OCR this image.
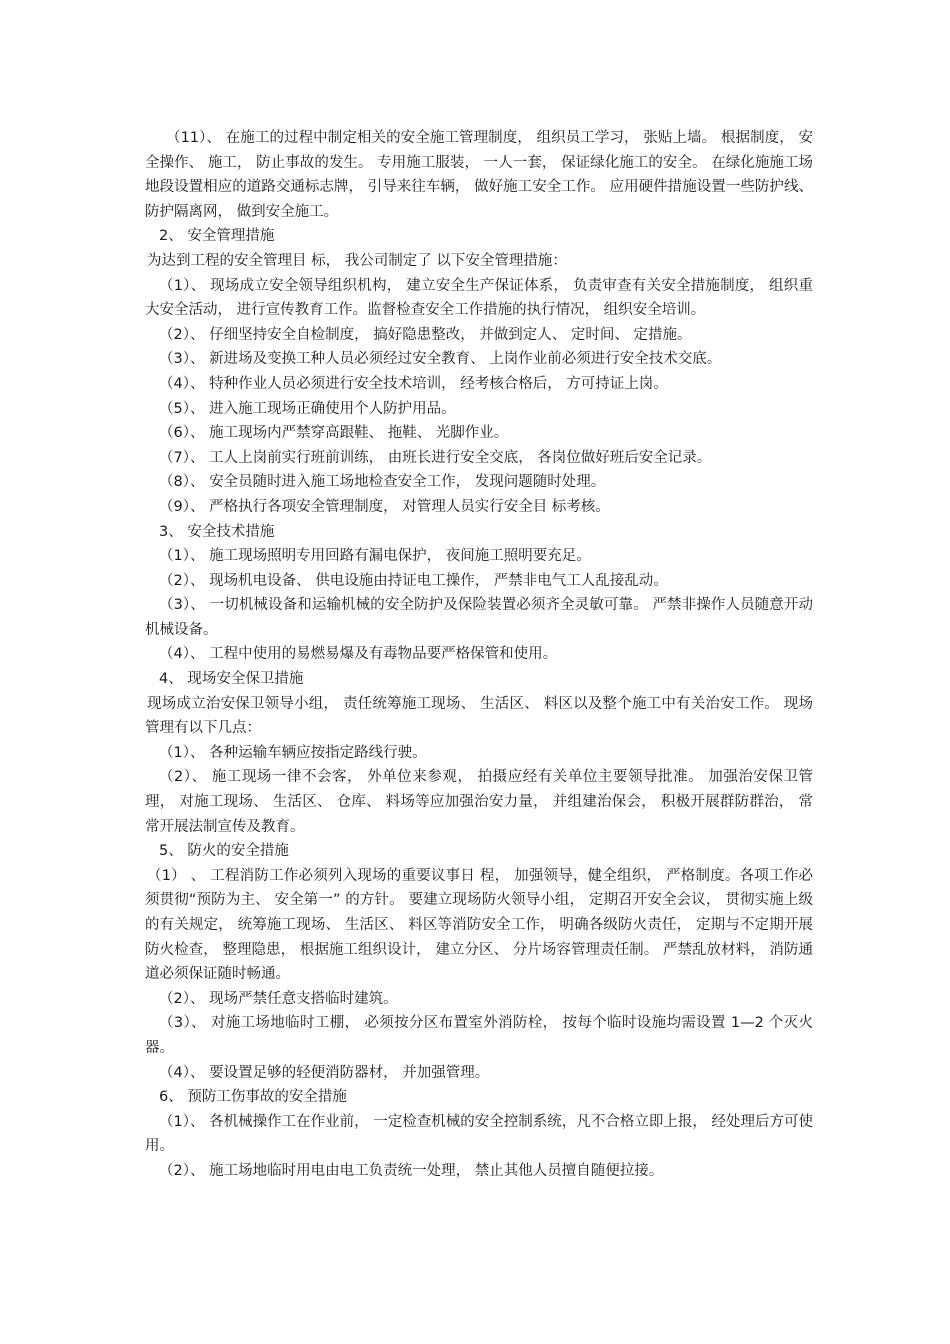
（11）、 在施工的过程中制定相关的安全施工管理制度， 组织员工学习， 张贴上墙。 根据制度， 安全操作、 施工， 防止事故的发生。 专用施工服装， 一人一套， 保证绿化施工的安全。 在绿化施施工场地段设置相应的道路交通标志牌， 引导来往车辆， 做好施工安全工作。 应用硬件措施设置一些防护线、 防护隔离网， 做到安全施工。

2、 安全管理措施

为达到工程的安全管理目 标， 我公司制定了 以下安全管理措施：

（1）、 现场成立安全领导组织机构， 建立安全生产保证体系， 负责审查有关安全措施制度， 组织重大安全活动， 进行宣传教育工作。监督检查安全工作措施的执行情况， 组织安全培训。

（2）、 仔细坚持安全自检制度， 搞好隐患整改， 并做到定人、 定时间、 定措施。

（3）、 新进场及变换工种人员必须经过安全教育、 上岗作业前必须进行安全技术交底。

（4）、 特种作业人员必须进行安全技术培训， 经考核合格后， 方可持证上岗。

（5）、 进入施工现场正确使用个人防护用品。

（6）、 施工现场内严禁穿高跟鞋、 拖鞋、 光脚作业。

（7）、 工人上岗前实行班前训练， 由班长进行安全交底， 各岗位做好班后安全记录。

（8）、 安全员随时进入施工场地检查安全工作， 发现问题随时处理。

（9）、 严格执行各项安全管理制度， 对管理人员实行安全目 标考核。

3、 安全技术措施

（1）、 施工现场照明专用回路有漏电保护， 夜间施工照明要充足。

（2）、 现场机电设备、 供电设施由持证电工操作， 严禁非电气工人乱接乱动。

（3）、 一切机械设备和运输机械的安全防护及保险装置必须齐全灵敏可靠。 严禁非操作人员随意开动机械设备。

（4）、 工程中使用的易燃易爆及有毒物品要严格保管和使用。

4、 现场安全保卫措施

现场成立治安保卫领导小组， 责任统筹施工现场、 生活区、 料区以及整个施工中有关治安工作。 现场管理有以下几点：

（1）、 各种运输车辆应按指定路线行驶。

（2）、 施工现场一律不会客， 外单位来参观， 拍摄应经有关单位主要领导批准。 加强治安保卫管理， 对施工现场、 生活区、 仓库、 料场等应加强治安力量， 并组建治保会， 积极开展群防群治， 常常开展法制宣传及教育。

5、 防火的安全措施

（1） 、 工程消防工作必须列入现场的重要议事日 程， 加强领导，健全组织， 严格制度。各项工作必须贯彻“预防为主、 安全第一” 的方针。 要建立现场防火领导小组， 定期召开安全会议， 贯彻实施上级的有关规定， 统筹施工现场、 生活区、 料区等消防安全工作， 明确各级防火责任， 定期与不定期开展防火检查， 整理隐患， 根据施工组织设计， 建立分区、 分片场容管理责任制。 严禁乱放材料， 消防通道必须保证随时畅通。

（2）、 现场严禁任意支搭临时建筑。

（3）、 对施工场地临时工棚， 必须按分区布置室外消防栓， 按每个临时设施均需设置 1—2 个灭火器。

（4）、 要设置足够的轻便消防器材， 并加强管理。

6、 预防工伤事故的安全措施

（1）、 各机械操作工在作业前， 一定检查机械的安全控制系统，凡不合格立即上报， 经处理后方可使用。

（2）、 施工场地临时用电由电工负责统一处理， 禁止其他人员擅自随便拉接。
